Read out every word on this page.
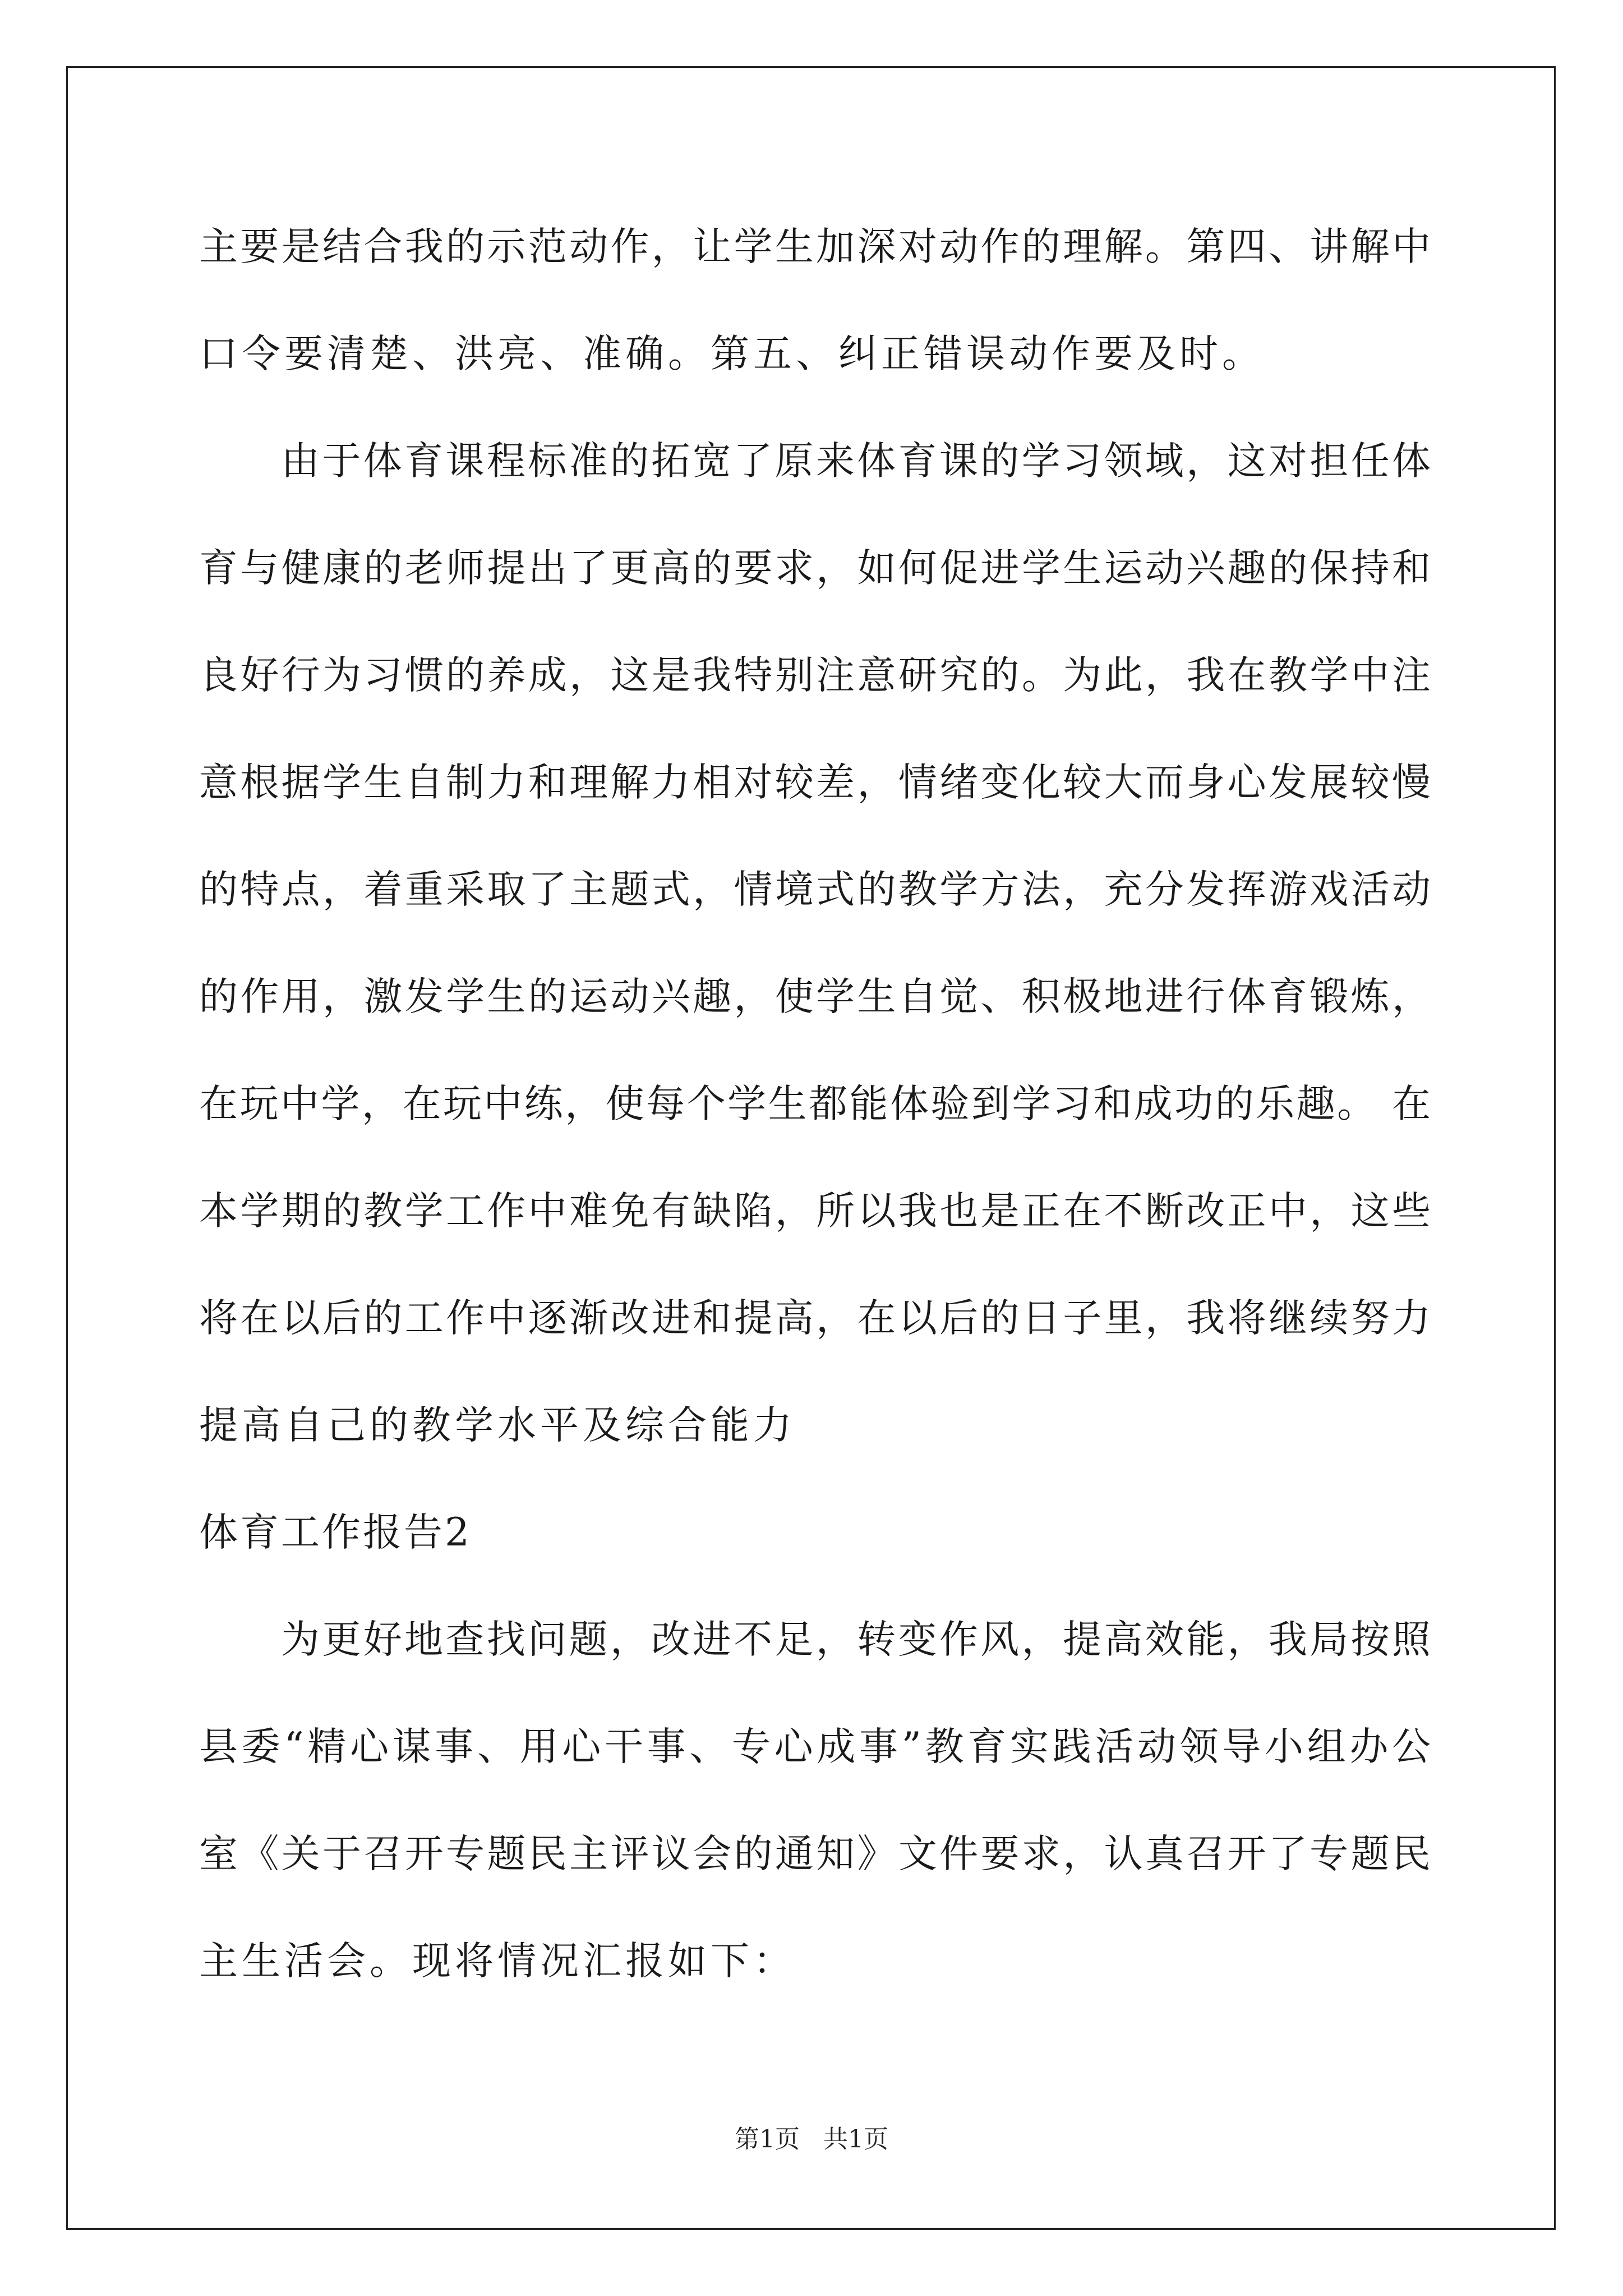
主要是结合我的示范动作，让学生加深对动作的理解。第四、讲解中
口令要清楚、洪亮、准确。第五、纠正错误动作要及时。
由于体育课程标准的拓宽了原来体育课的学习领域，这对担任体
育与健康的老师提出了更高的要求，如何促进学生运动兴趣的保持和
良好行为习惯的养成，这是我特别注意研究的。为此，我在教学中注
意根据学生自制力和理解力相对较差，情绪变化较大而身心发展较慢
的特点，着重采取了主题式，情境式的教学方法，充分发挥游戏活动
的作用，激发学生的运动兴趣，使学生自觉、积极地进行体育锻炼，
在玩中学，在玩中练，使每个学生都能体验到学习和成功的乐趣。 在
本学期的教学工作中难免有缺陷，所以我也是正在不断改正中，这些
将在以后的工作中逐渐改进和提高，在以后的日子里，我将继续努力
提高自己的教学水平及综合能力
体育工作报告2
为更好地查找问题，改进不足，转变作风，提高效能，我局按照
县委“精心谋事、用心干事、专心成事”教育实践活动领导小组办公
室《关于召开专题民主评议会的通知》文件要求，认真召开了专题民
主生活会。现将情况汇报如下：
第1页   共1页
